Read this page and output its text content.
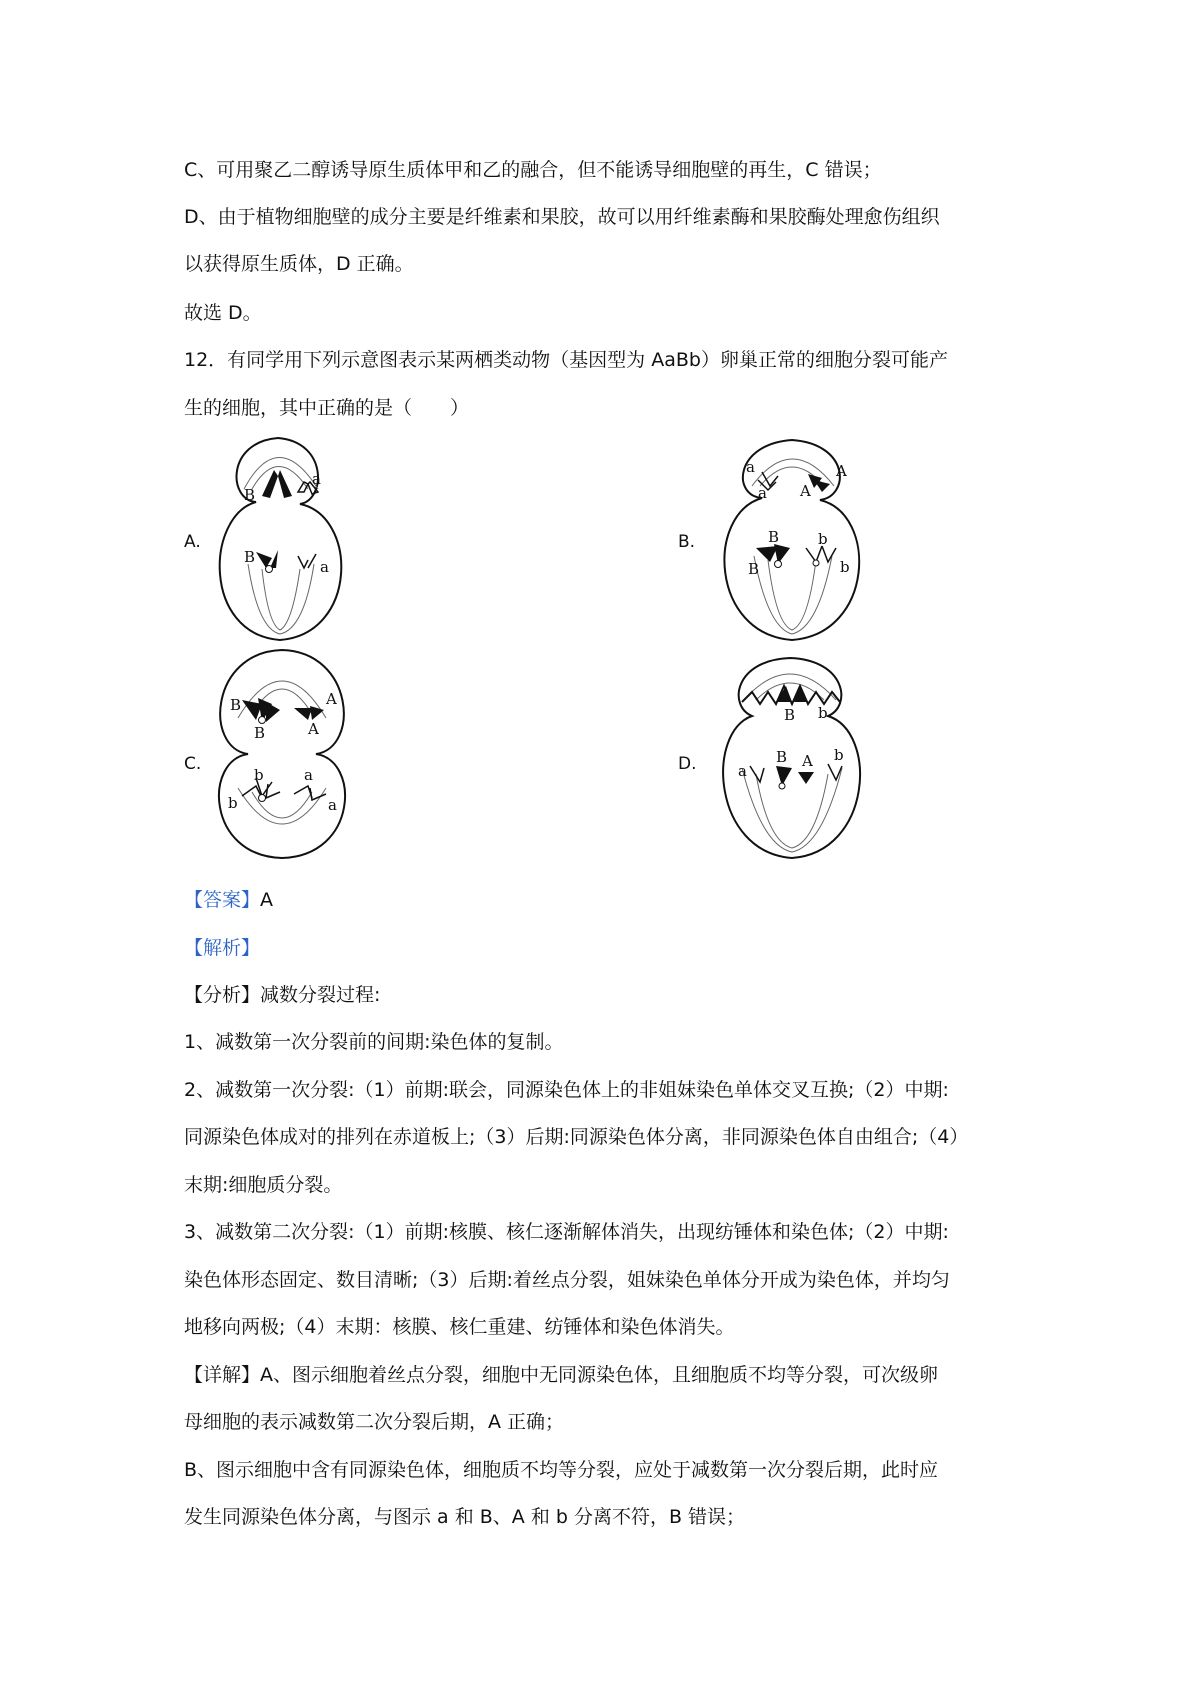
C、可用聚乙二醇诱导原生质体甲和乙的融合，但不能诱导细胞壁的再生，C 错误；
D、由于植物细胞壁的成分主要是纤维素和果胶，故可以用纤维素酶和果胶酶处理愈伤组织
以获得原生质体，D 正确。
故选 D。
12．有同学用下列示意图表示某两栖类动物（基因型为 AaBb）卵巢正常的细胞分裂可能产
生的细胞，其中正确的是（　　）
A.	B.
C.	D.
B
a
B
a
a
a A
A
B
B
b
b
B
B
A
A
b
b
a
a
B b
a
B A b
【答案】A
【解析】
【分析】减数分裂过程:
1、减数第一次分裂前的间期:染色体的复制。
2、减数第一次分裂:（1）前期:联会，同源染色体上的非姐妹染色单体交叉互换;（2）中期:
同源染色体成对的排列在赤道板上;（3）后期:同源染色体分离，非同源染色体自由组合;（4）
末期:细胞质分裂。
3、减数第二次分裂:（1）前期:核膜、核仁逐渐解体消失，出现纺锤体和染色体;（2）中期:
染色体形态固定、数目清晰;（3）后期:着丝点分裂，姐妹染色单体分开成为染色体，并均匀
地移向两极;（4）末期：核膜、核仁重建、纺锤体和染色体消失。
【详解】A、图示细胞着丝点分裂，细胞中无同源染色体，且细胞质不均等分裂，可次级卵
母细胞的表示减数第二次分裂后期，A 正确；
B、图示细胞中含有同源染色体，细胞质不均等分裂，应处于减数第一次分裂后期，此时应
发生同源染色体分离，与图示 a 和 B、A 和 b 分离不符，B 错误；
